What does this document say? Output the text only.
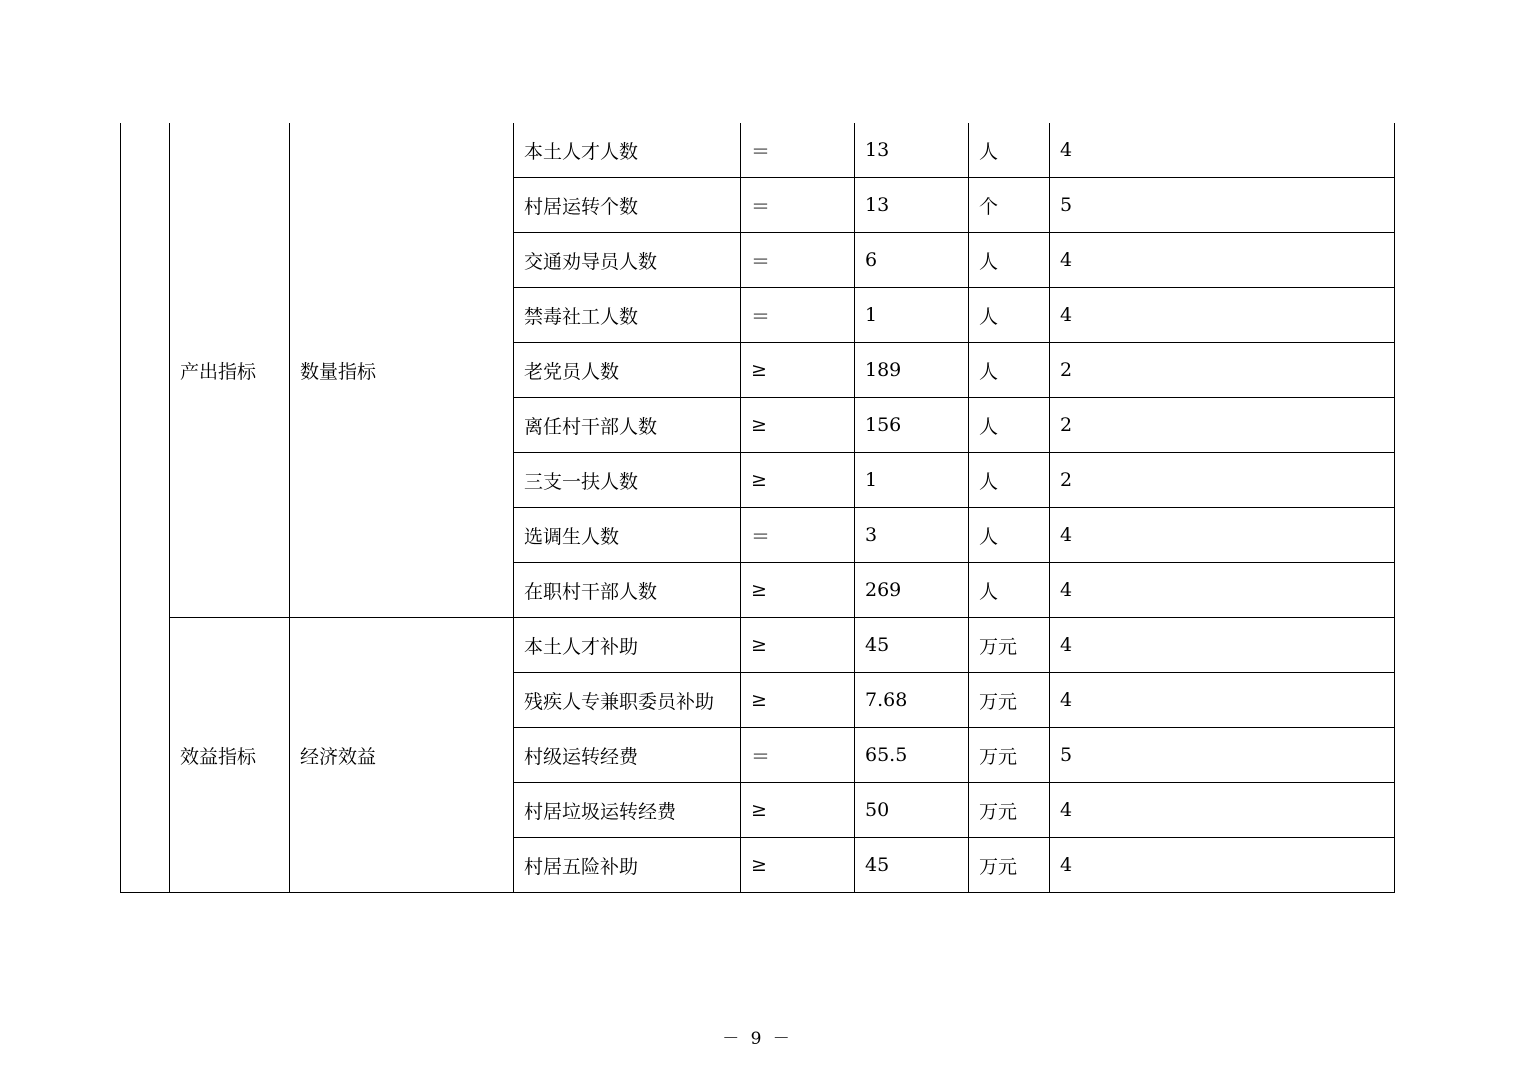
	产出指标	数量指标	本土人才人数	＝	13	人	4
			村居运转个数	＝	13	个	5
			交通劝导员人数	＝	6	人	4
			禁毒社工人数	＝	1	人	4
			老党员人数	≥	189	人	2
			离任村干部人数	≥	156	人	2
			三支一扶人数	≥	1	人	2
			选调生人数	＝	3	人	4
			在职村干部人数	≥	269	人	4
	效益指标	经济效益	本土人才补助	≥	45	万元	4
			残疾人专兼职委员补助	≥	7.68	万元	4
			村级运转经费	＝	65.5	万元	5
			村居垃圾运转经费	≥	50	万元	4
			村居五险补助	≥	45	万元	4
－ 9 －
